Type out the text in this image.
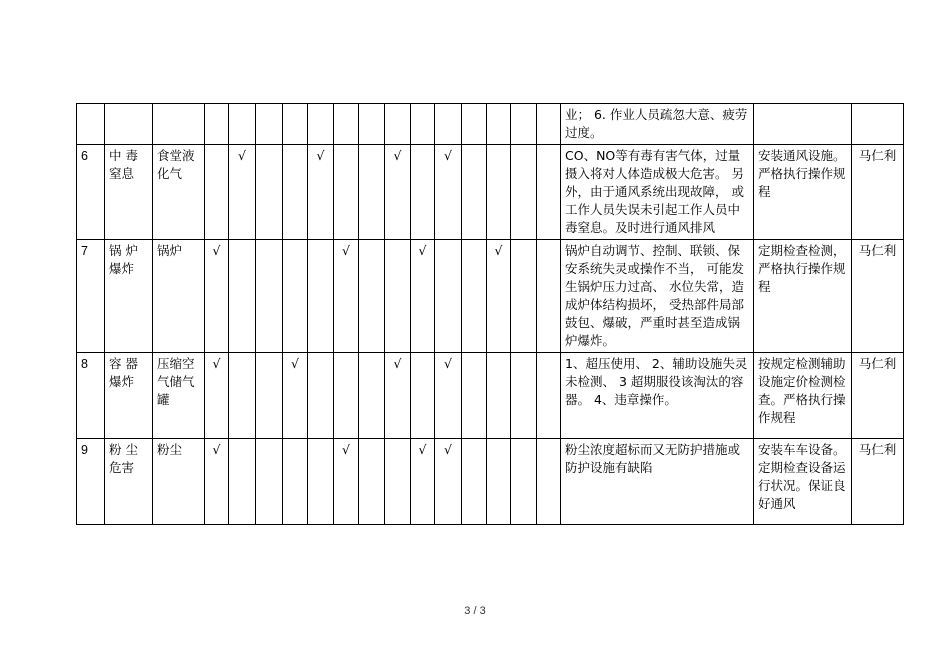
																	业； 6. 作业人员疏忽大意、疲劳过度。		
6	中 毒 窒息	食堂液化气		√			√			√		√					CO、NO等有毒有害气体，过量摄入将对人体造成极大危害。 另外，由于通风系统出现故障， 或工作人员失误未引起工作人员中毒窒息。及时进行通风排风	安装通风设施。严格执行操作规程	马仁利
7	锅 炉 爆炸	锅炉	√					√			√			√			锅炉自动调节、控制、联锁、保安系统失灵或操作不当， 可能发生锅炉压力过高、 水位失常，造成炉体结构损坏， 受热部件局部鼓包、爆破，严重时甚至造成锅炉爆炸。	定期检查检测，严格执行操作规程	马仁利
8	容 器 爆炸	压缩空气储气罐	√			√				√		√					1、超压使用、 2、辅助设施失灵未检测、 3 超期服役该淘汰的容器。 4、违章操作。	按规定检测辅助设施定价检测检查。严格执行操作规程	马仁利
9	粉 尘 危害	粉尘	√					√			√	√					粉尘浓度超标而又无防护措施或防护设施有缺陷	安装车车设备。定期检查设备运行状况。保证良好通风	马仁利
3 / 3
